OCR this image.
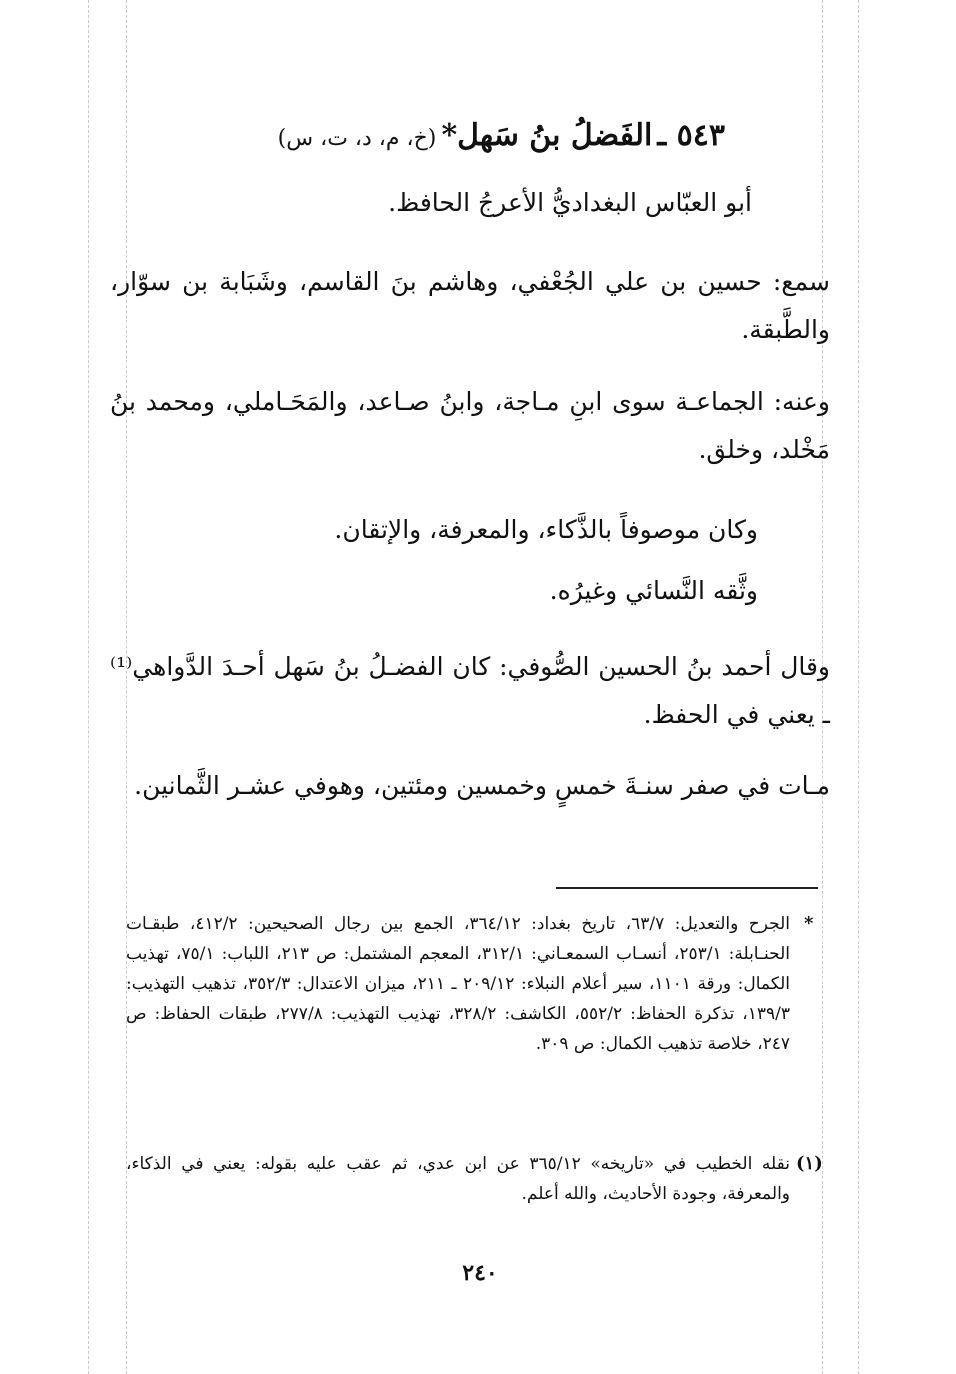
٥٤٣ ـ الفَضلُ بنُ سَهل* (خ، م، د، ت، س)
أبو العبّاس البغداديُّ الأعرجُ الحافظ.
سمع: حسين بن علي الجُعْفي، وهاشم بنَ القاسم، وشَبَابة بن سوّار، والطَّبقة.
وعنه: الجماعـة سوى ابنِ مـاجة، وابنُ صـاعد، والمَحَـاملي، ومحمد بنُ مَخْلد، وخلق.
وكان موصوفاً بالذَّكاء، والمعرفة، والإتقان.
وثَّقه النَّسائي وغيرُه.
وقال أحمد بنُ الحسين الصُّوفي: كان الفضـلُ بنُ سَهل أحـدَ الدَّواهي⁽¹⁾ ـ يعني في الحفظ.
مـات في صفر سنـةَ خمسٍ وخمسين ومئتين، وهوفي عشـر الثَّمانين.
*
الجرح والتعديل: ٦٣/٧، تاريخ بغداد: ٣٦٤/١٢، الجمع بين رجال الصحيحين: ٤١٢/٢، طبقـات الحنـابلة: ٢٥٣/١، أنسـاب السمعـاني: ٣١٢/١، المعجم المشتمل: ص ٢١٣، اللباب: ٧٥/١، تهذيب الكمال: ورقة ١١٠١، سير أعلام النبلاء: ٢٠٩/١٢ ـ ٢١١، ميزان الاعتدال: ٣٥٢/٣، تذهيب التهذيب: ١٣٩/٣، تذكرة الحفاظ: ٥٥٢/٢، الكاشف: ٣٢٨/٢، تهذيب التهذيب: ٢٧٧/٨، طبقات الحفاظ: ص ٢٤٧، خلاصة تذهيب الكمال: ص ٣٠٩.
(١)
نقله الخطيب في «تاريخه» ٣٦٥/١٢ عن ابن عدي، ثم عقب عليه بقوله: يعني في الذكاء، والمعرفة، وجودة الأحاديث، والله أعلم.
٢٤٠
